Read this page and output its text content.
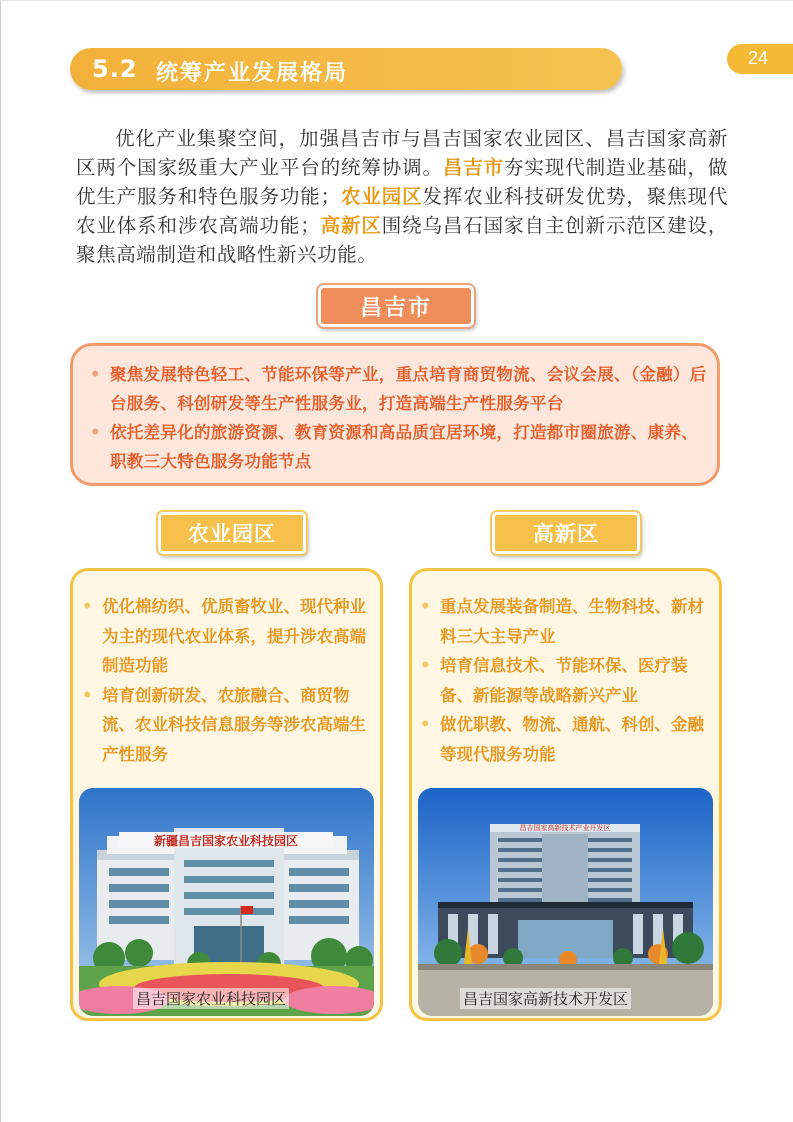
5.2 统筹产业发展格局
24

优化产业集聚空间，加强昌吉市与昌吉国家农业园区、昌吉国家高新区两个国家级重大产业平台的统筹协调。昌吉市夯实现代制造业基础，做优生产服务和特色服务功能；农业园区发挥农业科技研发优势，聚焦现代农业体系和涉农高端功能；高新区围绕乌昌石国家自主创新示范区建设，聚焦高端制造和战略性新兴功能。

昌吉市
• 聚焦发展特色轻工、节能环保等产业，重点培育商贸物流、会议会展、（金融）后台服务、科创研发等生产性服务业，打造高端生产性服务平台
• 依托差异化的旅游资源、教育资源和高品质宜居环境，打造都市圈旅游、康养、职教三大特色服务功能节点
农业园区
• 优化棉纺织、优质畜牧业、现代种业为主的现代农业体系，提升涉农高端制造功能
• 培育创新研发、农旅融合、商贸物流、农业科技信息服务等涉农高端生产性服务
新疆昌吉国家农业科技园区
昌吉国家农业科技园区
高新区
• 重点发展装备制造、生物科技、新材料三大主导产业
• 培育信息技术、节能环保、医疗装备、新能源等战略新兴产业
• 做优职教、物流、通航、科创、金融等现代服务功能
昌吉国家高新技术产业开发区
昌吉国家高新技术开发区
